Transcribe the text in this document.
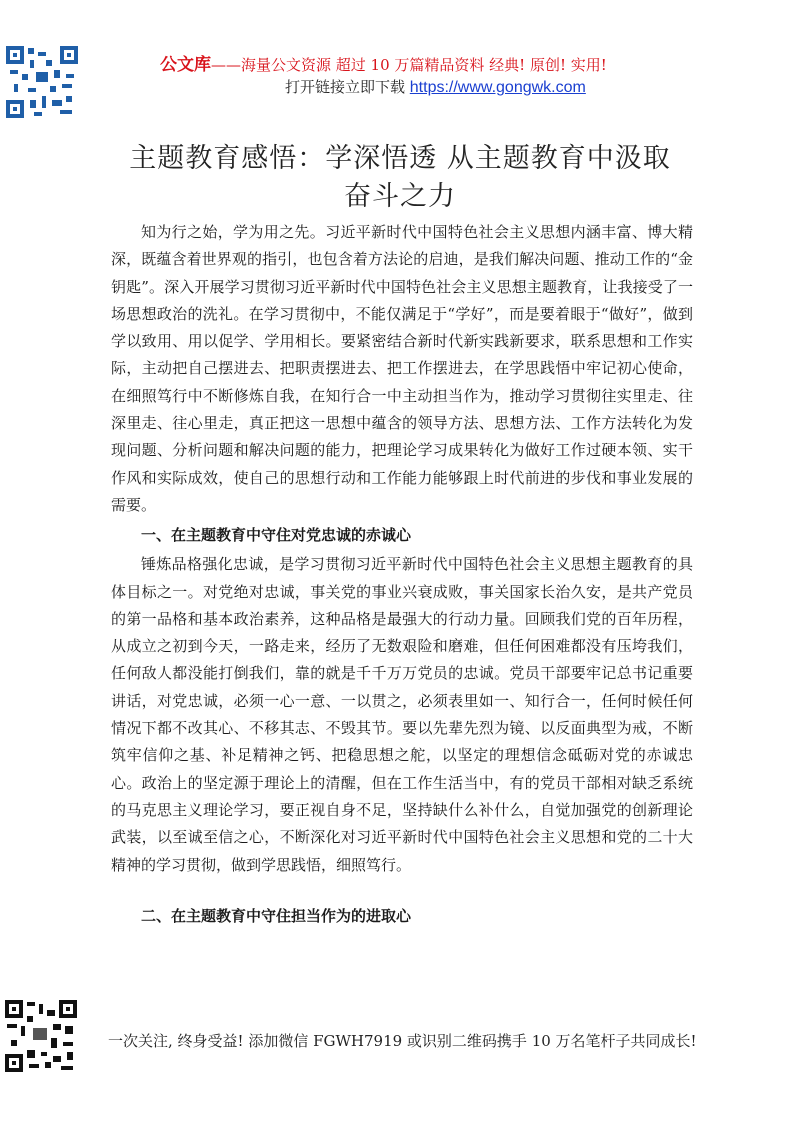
公文库——海量公文资源 超过 10 万篇精品资料 经典! 原创! 实用!
打开链接立即下载 https://www.gongwk.com
主题教育感悟：学深悟透 从主题教育中汲取
奋斗之力

知为行之始，学为用之先。习近平新时代中国特色社会主义思想内涵丰富、博大精深，既蕴含着世界观的指引，也包含着方法论的启迪，是我们解决问题、推动工作的“金钥匙”。深入开展学习贯彻习近平新时代中国特色社会主义思想主题教育，让我接受了一场思想政治的洗礼。在学习贯彻中，不能仅满足于“学好”，而是要着眼于“做好”，做到学以致用、用以促学、学用相长。要紧密结合新时代新实践新要求，联系思想和工作实际，主动把自己摆进去、把职责摆进去、把工作摆进去，在学思践悟中牢记初心使命，在细照笃行中不断修炼自我，在知行合一中主动担当作为，推动学习贯彻往实里走、往深里走、往心里走，真正把这一思想中蕴含的领导方法、思想方法、工作方法转化为发现问题、分析问题和解决问题的能力，把理论学习成果转化为做好工作过硬本领、实干作风和实际成效，使自己的思想行动和工作能力能够跟上时代前进的步伐和事业发展的需要。

一、在主题教育中守住对党忠诚的赤诚心

锤炼品格强化忠诚，是学习贯彻习近平新时代中国特色社会主义思想主题教育的具体目标之一。对党绝对忠诚，事关党的事业兴衰成败，事关国家长治久安，是共产党员的第一品格和基本政治素养，这种品格是最强大的行动力量。回顾我们党的百年历程，从成立之初到今天，一路走来，经历了无数艰险和磨难，但任何困难都没有压垮我们，任何敌人都没能打倒我们，靠的就是千千万万党员的忠诚。党员干部要牢记总书记重要讲话，对党忠诚，必须一心一意、一以贯之，必须表里如一、知行合一，任何时候任何情况下都不改其心、不移其志、不毁其节。要以先辈先烈为镜、以反面典型为戒，不断筑牢信仰之基、补足精神之钙、把稳思想之舵，以坚定的理想信念砥砺对党的赤诚忠心。政治上的坚定源于理论上的清醒，但在工作生活当中，有的党员干部相对缺乏系统的马克思主义理论学习，要正视自身不足，坚持缺什么补什么，自觉加强党的创新理论武装，以至诚至信之心，不断深化对习近平新时代中国特色社会主义思想和党的二十大精神的学习贯彻，做到学思践悟，细照笃行。

二、在主题教育中守住担当作为的进取心
一次关注, 终身受益! 添加微信 FGWH7919 或识别二维码携手 10 万名笔杆子共同成长!
